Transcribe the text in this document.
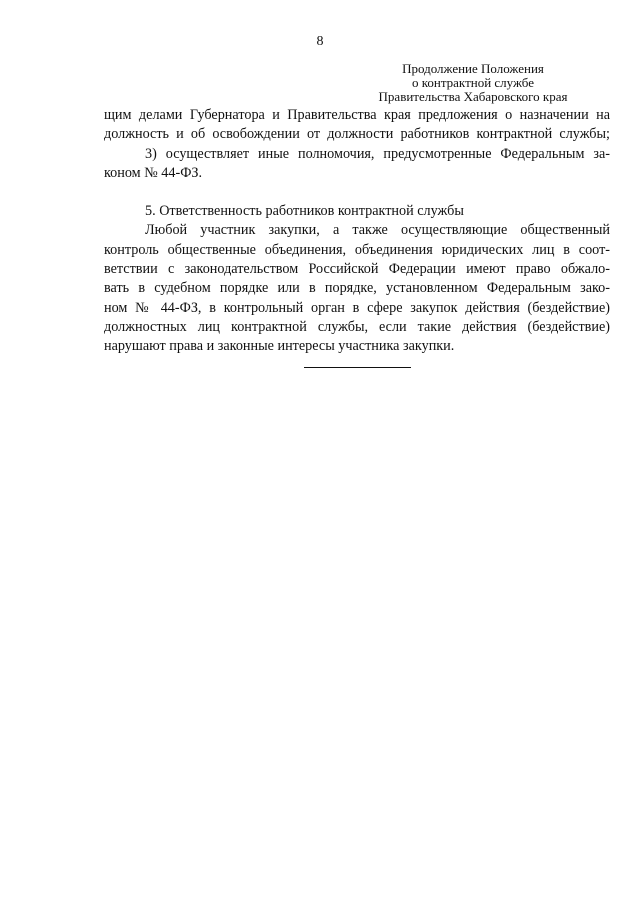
8
Продолжение Положения
о контрактной службе
Правительства Хабаровского края
щим делами Губернатора и Правительства края предложения о назначении на
должность и об освобождении от должности работников контрактной службы;
3) осуществляет иные полномочия, предусмотренные Федеральным за-
коном № 44-ФЗ.
5. Ответственность работников контрактной службы
Любой участник закупки, а также осуществляющие общественный
контроль общественные объединения, объединения юридических лиц в соот-
ветствии с законодательством Российской Федерации имеют право обжало-
вать в судебном порядке или в порядке, установленном Федеральным зако-
ном № 44-ФЗ, в контрольный орган в сфере закупок действия (бездействие)
должностных лиц контрактной службы, если такие действия (бездействие)
нарушают права и законные интересы участника закупки.
